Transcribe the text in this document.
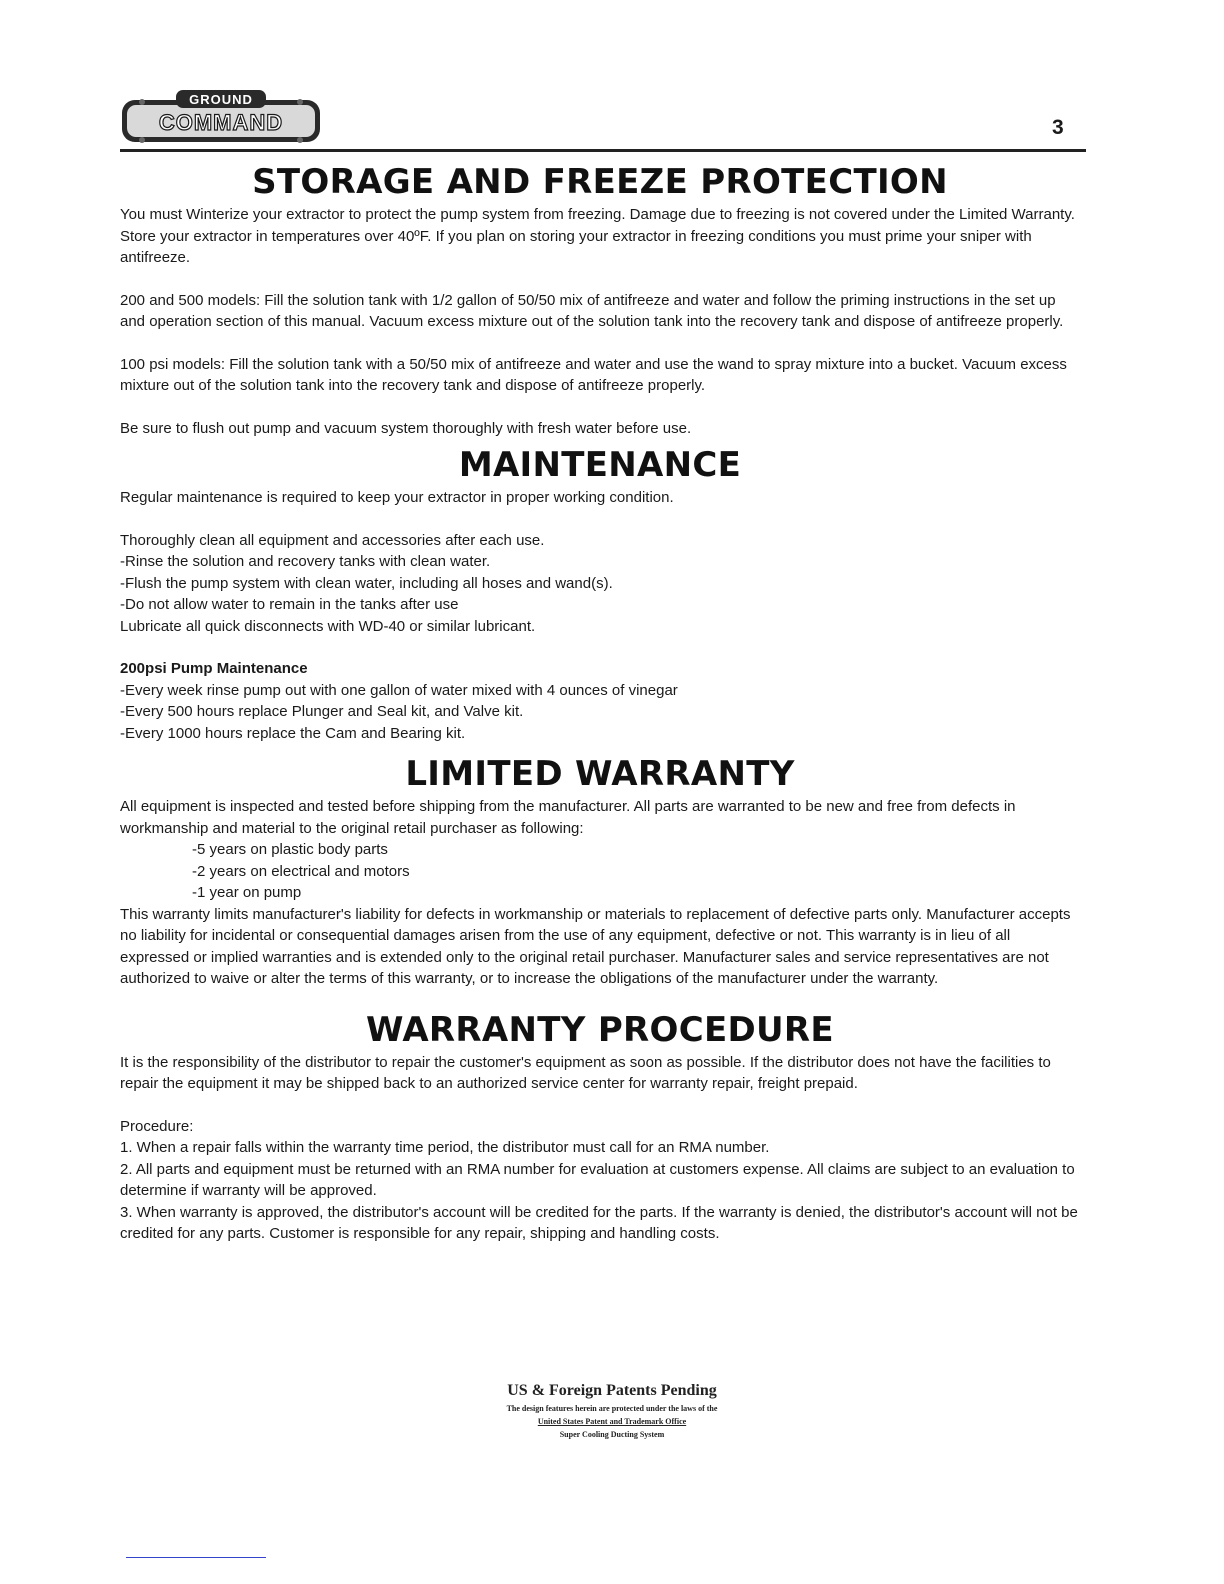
GROUND
COMMAND	3
STORAGE AND FREEZE PROTECTION

You must Winterize your extractor to protect the pump system from freezing. Damage due to freezing is not covered under the Limited Warranty. Store your extractor in temperatures over 40ºF. If you plan on storing your extractor in freezing conditions you must prime your sniper with antifreeze.

200 and 500 models: Fill the solution tank with 1/2 gallon of 50/50 mix of antifreeze and water and follow the priming instructions in the set up and operation section of this manual. Vacuum excess mixture out of the solution tank into the recovery tank and dispose of antifreeze properly.

100 psi models: Fill the solution tank with a 50/50 mix of antifreeze and water and use the wand to spray mixture into a bucket. Vacuum excess mixture out of the solution tank into the recovery tank and dispose of antifreeze properly.

Be sure to flush out pump and vacuum system thoroughly with fresh water before use.

MAINTENANCE

Regular maintenance is required to keep your extractor in proper working condition.

Thoroughly clean all equipment and accessories after each use.

-Rinse the solution and recovery tanks with clean water.

-Flush the pump system with clean water, including all hoses and wand(s).

-Do not allow water to remain in the tanks after use

Lubricate all quick disconnects with WD-40 or similar lubricant.

200psi Pump Maintenance

-Every week rinse pump out with one gallon of water mixed with 4 ounces of vinegar

-Every 500 hours replace Plunger and Seal kit, and Valve kit.

-Every 1000 hours replace the Cam and Bearing kit.

LIMITED WARRANTY

All equipment is inspected and tested before shipping from the manufacturer. All parts are warranted to be new and free from defects in workmanship and material to the original retail purchaser as following:

-5 years on plastic body parts

-2 years on electrical and motors

-1 year on pump

This warranty limits manufacturer's liability for defects in workmanship or materials to replacement of defective parts only. Manufacturer accepts no liability for incidental or consequential damages arisen from the use of any equipment, defective or not. This warranty is in lieu of all expressed or implied warranties and is extended only to the original retail purchaser. Manufacturer sales and service representatives are not authorized to waive or alter the terms of this warranty, or to increase the obligations of the manufacturer under the warranty.

WARRANTY PROCEDURE

It is the responsibility of the distributor to repair the customer's equipment as soon as possible. If the distributor does not have the facilities to repair the equipment it may be shipped back to an authorized service center for warranty repair, freight prepaid.

Procedure:

1. When a repair falls within the warranty time period, the distributor must call for an RMA number.

2. All parts and equipment must be returned with an RMA number for evaluation at customers expense. All claims are subject to an evaluation to determine if warranty will be approved.

3. When warranty is approved, the distributor's account will be credited for the parts. If the warranty is denied, the distributor's account will not be credited for any parts. Customer is responsible for any repair, shipping and handling costs.

US & Foreign Patents Pending
The design features herein are protected under the laws of the
United States Patent and Trademark Office
Super Cooling Ducting System
